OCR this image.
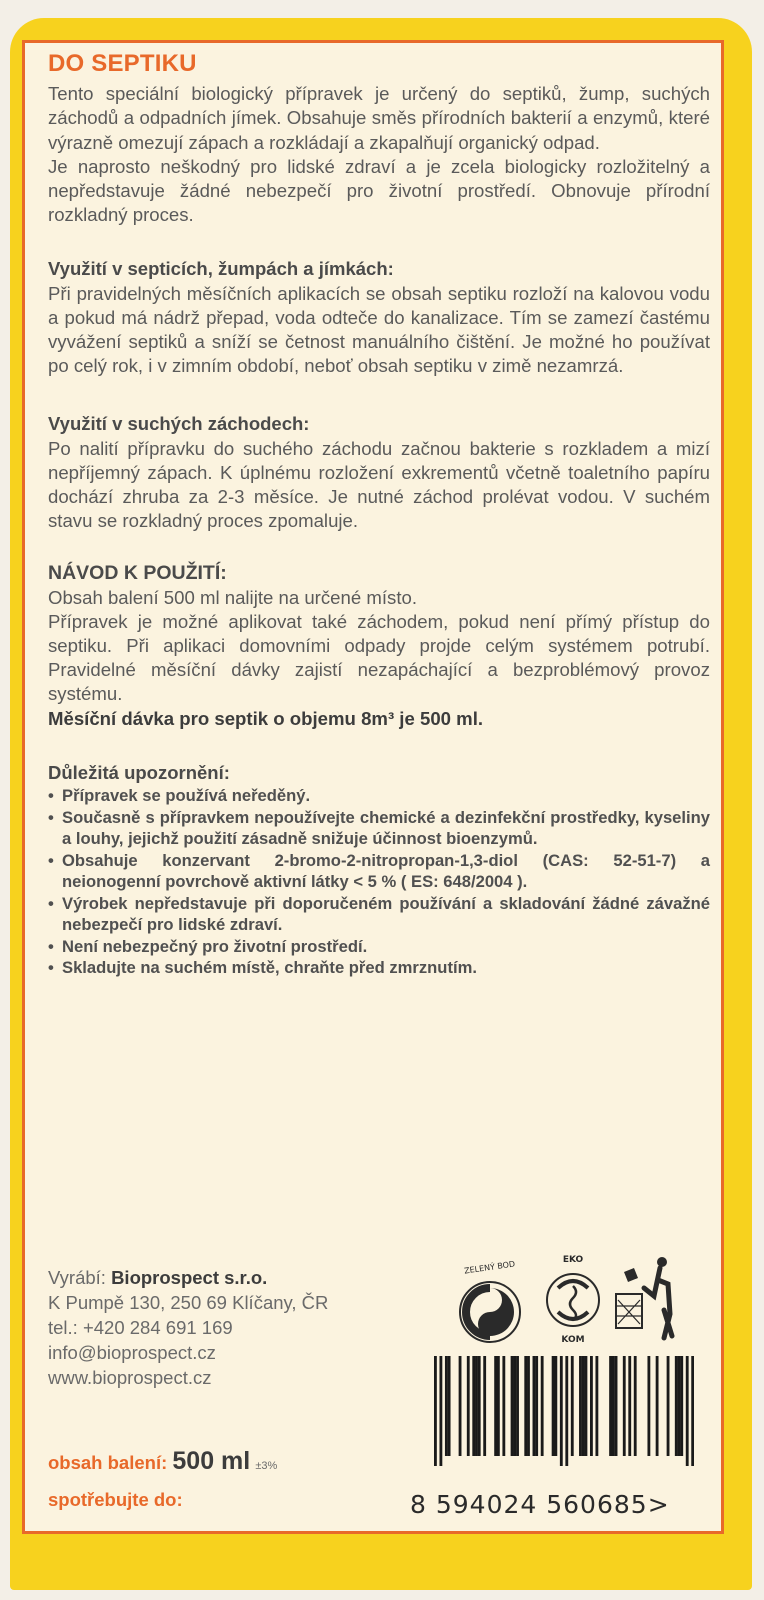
DO SEPTIKU

Tento speciální biologický přípravek je určený do septiků, žump, suchých záchodů a odpadních jímek. Obsahuje směs přírodních bakterií a enzymů, které výrazně omezují zápach a rozkládají a zkapalňují organický odpad.

Je naprosto neškodný pro lidské zdraví a je zcela biologicky rozložitelný a nepředstavuje žádné nebezpečí pro životní prostředí. Obnovuje přírodní rozkladný proces.

Využití v septicích, žumpách a jímkách:

Při pravidelných měsíčních aplikacích se obsah septiku rozloží na kalovou vodu a pokud má nádrž přepad, voda odteče do kanalizace. Tím se zamezí častému vyvážení septiků a sníží se četnost manuálního čištění. Je možné ho používat po celý rok, i v zimním období, neboť obsah septiku v zimě nezamrzá.

Využití v suchých záchodech:

Po nalití přípravku do suchého záchodu začnou bakterie s rozkladem a mizí nepříjemný zápach. K úplnému rozložení exkrementů včetně toaletního papíru dochází zhruba za 2-3 měsíce. Je nutné záchod prolévat vodou. V suchém stavu se rozkladný proces zpomaluje.

NÁVOD K POUŽITÍ:

Obsah balení 500 ml nalijte na určené místo.

Přípravek je možné aplikovat také záchodem, pokud není přímý přístup do septiku. Při aplikaci domovními odpady projde celým systémem potrubí. Pravidelné měsíční dávky zajistí nezapáchající a bezproblémový provoz systému.

Měsíční dávka pro septik o objemu 8m³ je 500 ml.

Důležitá upozornění:

• Přípravek se používá neředěný.
• Současně s přípravkem nepoužívejte chemické a dezinfekční prostředky, kyseliny a louhy, jejichž použití zásadně snižuje účinnost bioenzymů.
• Obsahuje konzervant 2-bromo-2-nitropropan-1,3-diol (CAS: 52-51-7) a neionogenní povrchově aktivní látky < 5 % ( ES: 648/2004 ).
• Výrobek nepředstavuje při doporučeném používání a skladování žádné závažné nebezpečí pro lidské zdraví.
• Není nebezpečný pro životní prostředí.
• Skladujte na suchém místě, chraňte před zmrznutím.
Vyrábí: Bioprospect s.r.o.
K Pumpě 130, 250 69 Klíčany, ČR
tel.: +420 284 691 169
info@bioprospect.cz
www.bioprospect.cz
obsah balení: 500 ml ±3%
spotřebujte do:
ZELENÝ BOD	EKO
KOM
8 594024 560685>
